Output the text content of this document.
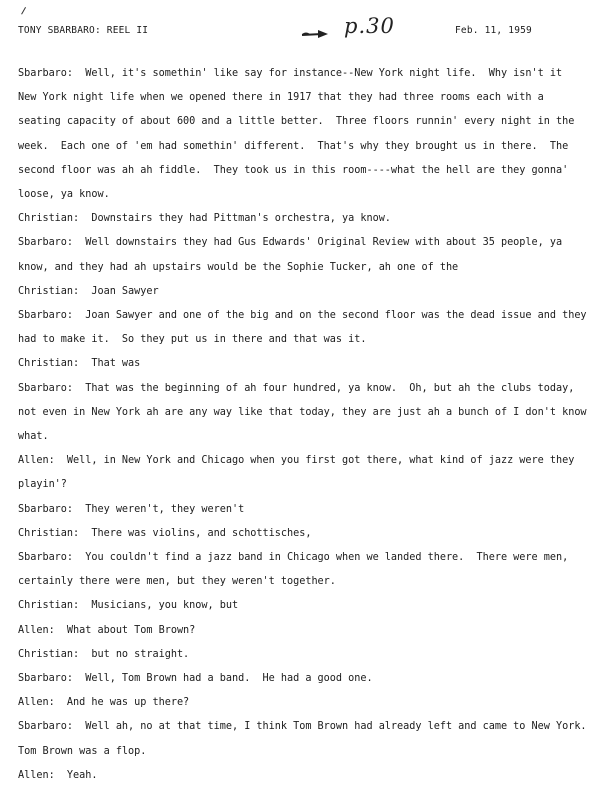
TONY SBARBARO: REEL II	p.30	Feb. 11, 1959

Sbarbaro:  Well, it's somethin' like say for instance--New York night life.  Why isn't it

New York night life when we opened there in 1917 that they had three rooms each with a

seating capacity of about 600 and a little better.  Three floors runnin' every night in the

week.  Each one of 'em had somethin' different.  That's why they brought us in there.  The

second floor was ah ah fiddle.  They took us in this room----what the hell are they gonna'

loose, ya know.

Christian:  Downstairs they had Pittman's orchestra, ya know.

Sbarbaro:  Well downstairs they had Gus Edwards' Original Review with about 35 people, ya

know, and they had ah upstairs would be the Sophie Tucker, ah one of the

Christian:  Joan Sawyer

Sbarbaro:  Joan Sawyer and one of the big and on the second floor was the dead issue and they

had to make it.  So they put us in there and that was it.

Christian:  That was

Sbarbaro:  That was the beginning of ah four hundred, ya know.  Oh, but ah the clubs today,

not even in New York ah are any way like that today, they are just ah a bunch of I don't know

what.

Allen:  Well, in New York and Chicago when you first got there, what kind of jazz were they

playin'?

Sbarbaro:  They weren't, they weren't

Christian:  There was violins, and schottisches,

Sbarbaro:  You couldn't find a jazz band in Chicago when we landed there.  There were men,

certainly there were men, but they weren't together.

Christian:  Musicians, you know, but

Allen:  What about Tom Brown?

Christian:  but no straight.

Sbarbaro:  Well, Tom Brown had a band.  He had a good one.

Allen:  And he was up there?

Sbarbaro:  Well ah, no at that time, I think Tom Brown had already left and came to New York.

Tom Brown was a flop.

Allen:  Yeah.
